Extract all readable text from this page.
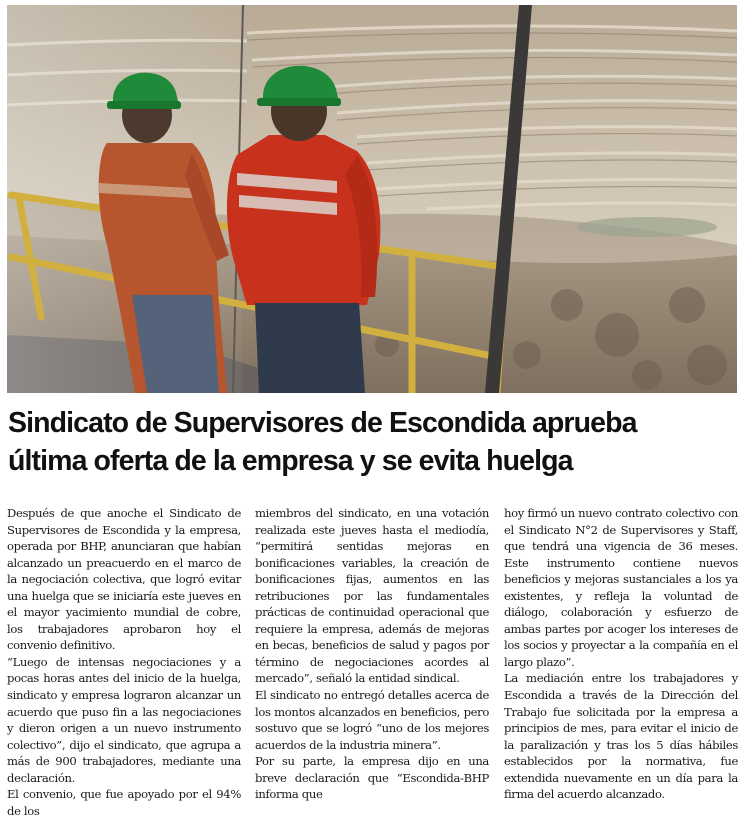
Sindicato de Supervisores de Escondida aprueba
última oferta de la empresa y se evita huelga

Después de que anoche el Sindicato de Supervisores de Escondida y la empresa, operada por BHP, anunciaran que habían alcanzado un preacuerdo en el marco de la negociación colectiva, que logró evitar una huelga que se iniciaría este jueves en el mayor yacimiento mundial de cobre, los trabajadores aprobaron hoy el convenio definitivo.

“Luego de intensas negociaciones y a pocas horas antes del inicio de la huelga, sindicato y empresa lograron alcanzar un acuerdo que puso fin a las negociaciones y dieron origen a un nuevo instrumento colectivo”, dijo el sindicato, que agrupa a más de 900 trabajadores, mediante una declaración.

El convenio, que fue apoyado por el 94% de los

miembros del sindicato, en una votación realizada este jueves hasta el mediodía, “permitirá sentidas mejoras en bonificaciones variables, la creación de bonificaciones fijas, aumentos en las retribuciones por las fundamentales prácticas de continuidad operacional que requiere la empresa, además de mejoras en becas, beneficios de salud y pagos por término de negociaciones acordes al mercado”, señaló la entidad sindical.

El sindicato no entregó detalles acerca de los montos alcanzados en beneficios, pero sostuvo que se logró “uno de los mejores acuerdos de la industria minera”.

Por su parte, la empresa dijo en una breve declaración que “Escondida-BHP informa que

hoy firmó un nuevo contrato colectivo con el Sindicato N°2 de Supervisores y Staff, que tendrá una vigencia de 36 meses. Este instrumento contiene nuevos beneficios y mejoras sustanciales a los ya existentes, y refleja la voluntad de diálogo, colaboración y esfuerzo de ambas partes por acoger los intereses de los socios y proyectar a la compañía en el largo plazo”.

La mediación entre los trabajadores y Escondida a través de la Dirección del Trabajo fue solicitada por la empresa a principios de mes, para evitar el inicio de la paralización y tras los 5 días hábiles establecidos por la normativa, fue extendida nuevamente en un día para la firma del acuerdo alcanzado.
